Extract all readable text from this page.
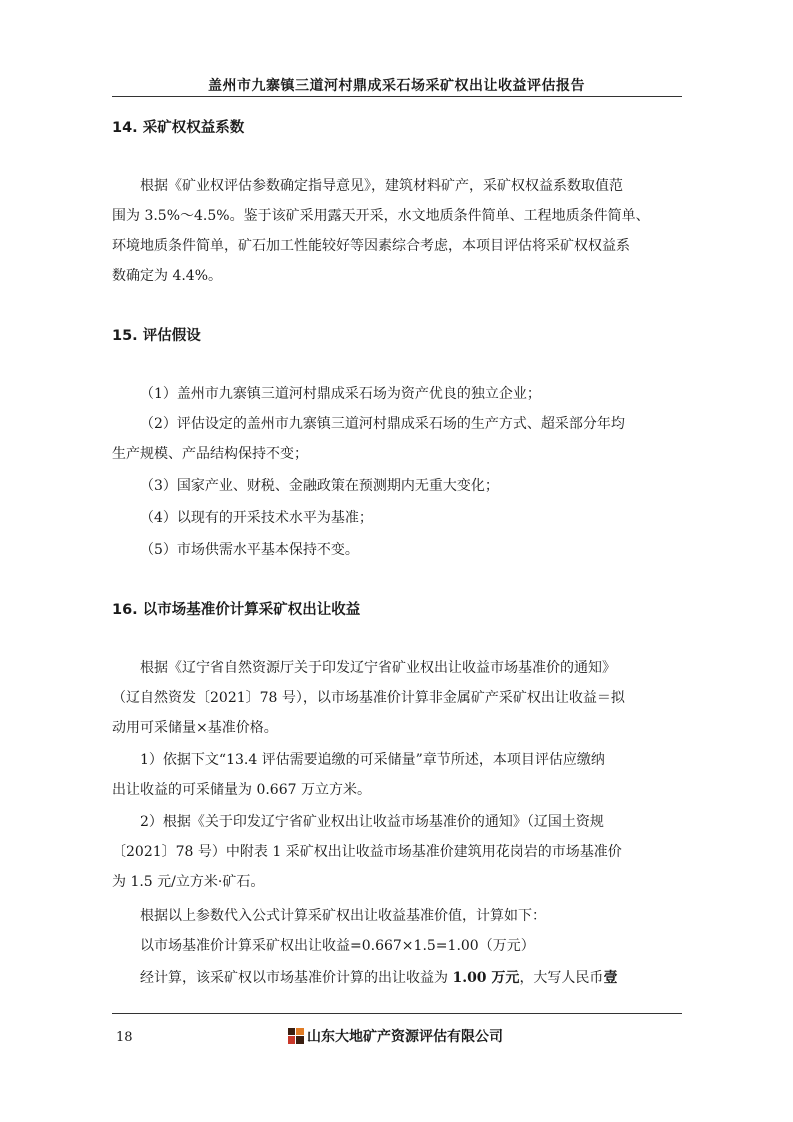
盖州市九寨镇三道河村鼎成采石场采矿权出让收益评估报告
14. 采矿权权益系数
根据《矿业权评估参数确定指导意见》，建筑材料矿产，采矿权权益系数取值范
围为 3.5%～4.5%。鉴于该矿采用露天开采，水文地质条件简单、工程地质条件简单、
环境地质条件简单，矿石加工性能较好等因素综合考虑，本项目评估将采矿权权益系
数确定为 4.4%。
15. 评估假设
（1）盖州市九寨镇三道河村鼎成采石场为资产优良的独立企业；
（2）评估设定的盖州市九寨镇三道河村鼎成采石场的生产方式、超采部分年均
生产规模、产品结构保持不变；
（3）国家产业、财税、金融政策在预测期内无重大变化；
（4）以现有的开采技术水平为基准；
（5）市场供需水平基本保持不变。
16. 以市场基准价计算采矿权出让收益
根据《辽宁省自然资源厅关于印发辽宁省矿业权出让收益市场基准价的通知》
（辽自然资发〔2021〕78 号），以市场基准价计算非金属矿产采矿权出让收益＝拟
动用可采储量×基准价格。
1）依据下文“13.4 评估需要追缴的可采储量”章节所述，本项目评估应缴纳
出让收益的可采储量为 0.667 万立方米。
2）根据《关于印发辽宁省矿业权出让收益市场基准价的通知》（辽国土资规
〔2021〕78 号）中附表 1 采矿权出让收益市场基准价建筑用花岗岩的市场基准价
为 1.5 元/立方米·矿石。
根据以上参数代入公式计算采矿权出让收益基准价值，计算如下：
以市场基准价计算采矿权出让收益=0.667×1.5=1.00（万元）
经计算，该采矿权以市场基准价计算的出让收益为 1.00 万元，大写人民币壹
18	山东大地矿产资源评估有限公司
